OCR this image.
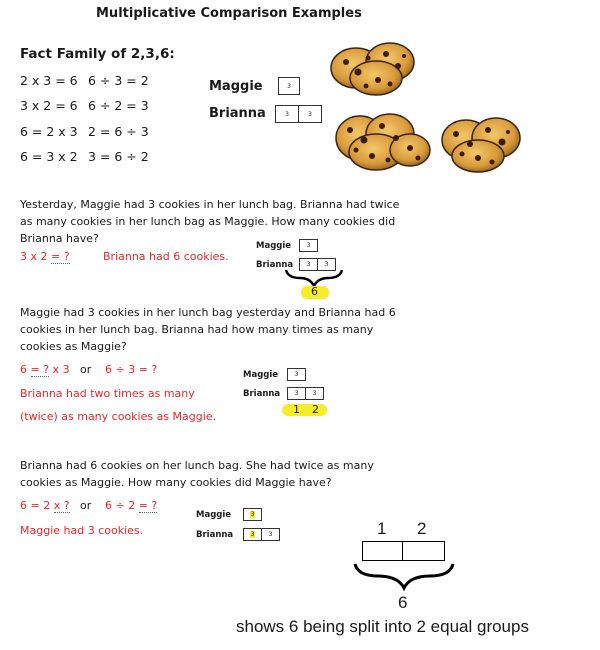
Multiplicative Comparison Examples
Fact Family of 2,3,6:
2 x 3 = 6 6 ÷ 3 = 2
3 x 2 = 6 6 ÷ 2 = 3
6 = 2 x 3 2 = 6 ÷ 3
6 = 3 x 2 3 = 6 ÷ 2
Maggie	3
Brianna	3	3
Yesterday, Maggie had 3 cookies in her lunch bag. Brianna had twice as many cookies in her lunch bag as Maggie. How many cookies did Brianna have?
3 x 2 = ?	Brianna had 6 cookies.
Maggie	3
Brianna	3	3
6
Maggie had 3 cookies in her lunch bag yesterday and Brianna had 6 cookies in her lunch bag. Brianna had how many times as many cookies as Maggie?
6 = ? x 3 or 6 ÷ 3 = ?
Brianna had two times as many
(twice) as many cookies as Maggie.
Maggie	3
Brianna	3	3
1 2
Brianna had 6 cookies on her lunch bag. She had twice as many cookies as Maggie. How many cookies did Maggie have?
6 = 2 x ? or 6 ÷ 2 = ?
Maggie had 3 cookies.
Maggie	3
Brianna	3	3	1 2
6
shows 6 being split into 2 equal groups
